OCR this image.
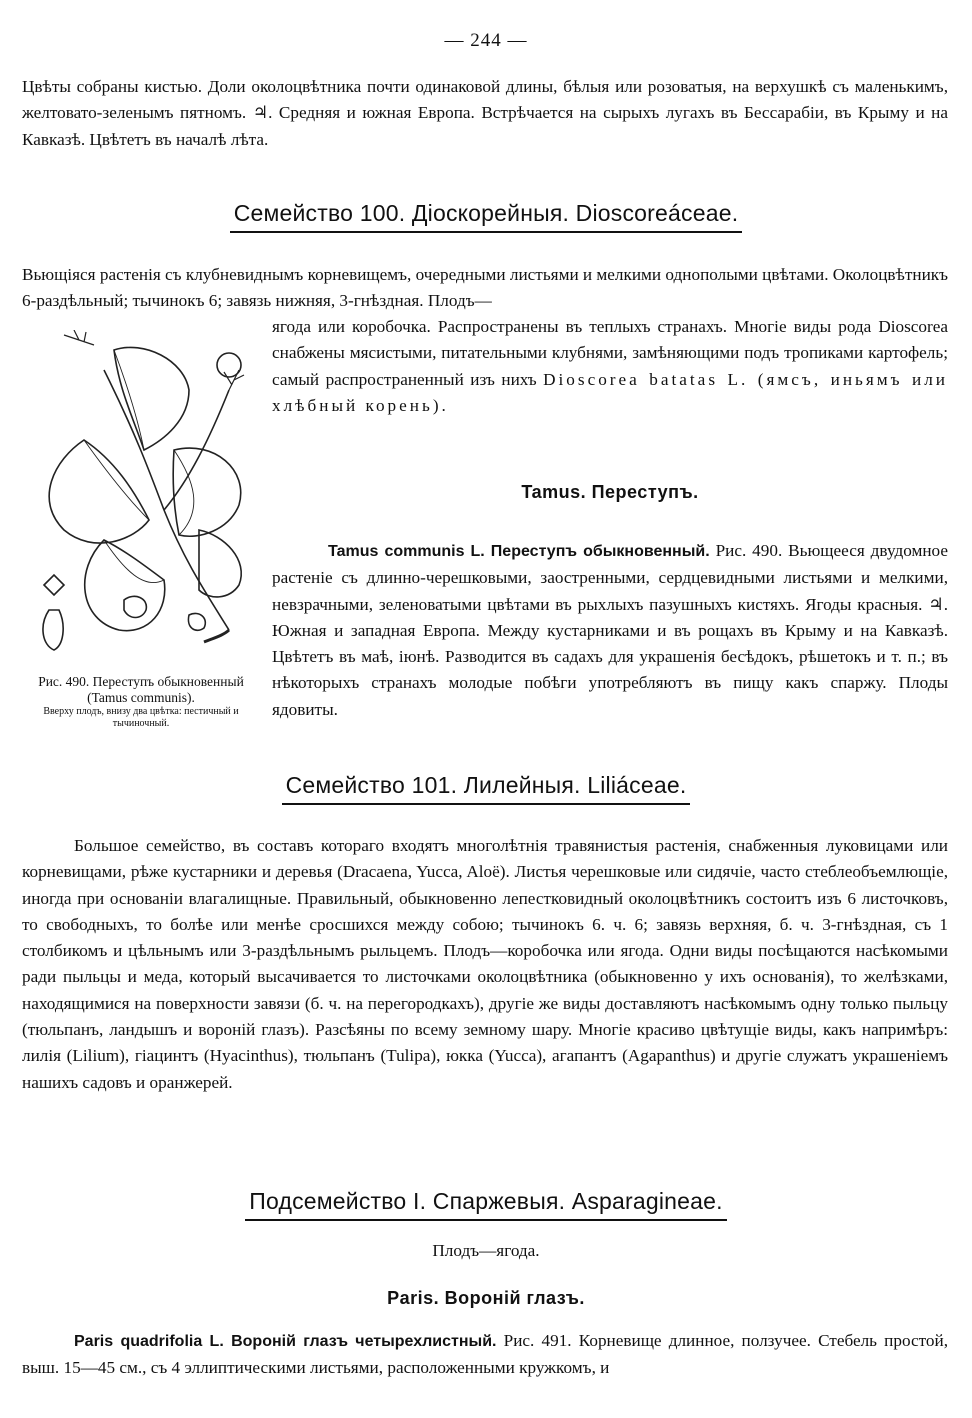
— 244 —
Цвѣты собраны кистью. Доли околоцвѣтника почти одинаковой длины, бѣлыя или розоватыя, на верхушкѣ съ маленькимъ, желтовато-зеленымъ пятномъ. ♃. Средняя и южная Европа. Встрѣчается на сырыхъ лугахъ въ Бессарабіи, въ Крыму и на Кавказѣ. Цвѣтетъ въ началѣ лѣта.
Семейство 100. Діоскорейныя. Dioscoreáceae.
Вьющіяся растенія съ клубневиднымъ корневищемъ, очередными листьями и мелкими однополыми цвѣтами. Околоцвѣтникъ 6-раздѣльный; тычинокъ 6; завязь нижняя, 3-гнѣздная. Плодъ—
ягода или коробочка. Распространены въ теплыхъ странахъ. Многіе виды рода Dioscorea снабжены мясистыми, питательными клубнями, замѣняющими подъ тропиками картофель; самый распространенный изъ нихъ Dioscorea batatas L. (ямсъ, иньямъ или хлѣбный корень).
Рис. 490. Переступъ обыкновенный (Tamus communis).
Вверху плодъ, внизу два цвѣтка: пестичный и тычиночный.
Tamus. Переступъ.
Tamus communis L. Переступъ обыкновенный. Рис. 490. Вьющееся двудомное растеніе съ длинно-черешковыми, заостренными, сердцевидными листьями и мелкими, невзрачными, зеленоватыми цвѣтами въ рыхлыхъ пазушныхъ кистяхъ. Ягоды красныя. ♃. Южная и западная Европа. Между кустарниками и въ рощахъ въ Крыму и на Кавказѣ. Цвѣтетъ въ маѣ, іюнѣ. Разводится въ садахъ для украшенія бесѣдокъ, рѣшетокъ и т. п.; въ нѣкоторыхъ странахъ молодые побѣги употребляютъ въ пищу какъ спаржу. Плоды ядовиты.
Семейство 101. Лилейныя. Liliáceae.
Большое семейство, въ составъ котораго входятъ многолѣтнія травянистыя растенія, снабженныя луковицами или корневищами, рѣже кустарники и деревья (Dracaena, Yucca, Aloë). Листья черешковые или сидячіе, часто стеблеобъемлющіе, иногда при основаніи влагалищные. Правильный, обыкновенно лепестковидный околоцвѣтникъ состоитъ изъ 6 листочковъ, то свободныхъ, то болѣе или менѣе сросшихся между собою; тычинокъ 6. ч. 6; завязь верхняя, б. ч. 3-гнѣздная, съ 1 столбикомъ и цѣльнымъ или 3-раздѣльнымъ рыльцемъ. Плодъ—коробочка или ягода. Одни виды посѣщаются насѣкомыми ради пыльцы и меда, который высачивается то листочками околоцвѣтника (обыкновенно у ихъ основанія), то желѣзками, находящимися на поверхности завязи (б. ч. на перегородкахъ), другіе же виды доставляютъ насѣкомымъ одну только пыльцу (тюльпанъ, ландышъ и вороній глазъ). Разсѣяны по всему земному шару. Многіе красиво цвѣтущіе виды, какъ напримѣръ: лилія (Lilium), гіацинтъ (Hyacinthus), тюльпанъ (Tulipa), юкка (Yucca), агапантъ (Agapanthus) и другіе служатъ украшеніемъ нашихъ садовъ и оранжерей.
Подсемейство I. Спаржевыя. Asparagineae.
Плодъ—ягода.
Paris. Вороній глазъ.
Paris quadrifolia L. Вороній глазъ четырехлистный. Рис. 491. Корневище длинное, ползучее. Стебель простой, выш. 15—45 см., съ 4 эллиптическими листьями, расположенными кружкомъ, и
